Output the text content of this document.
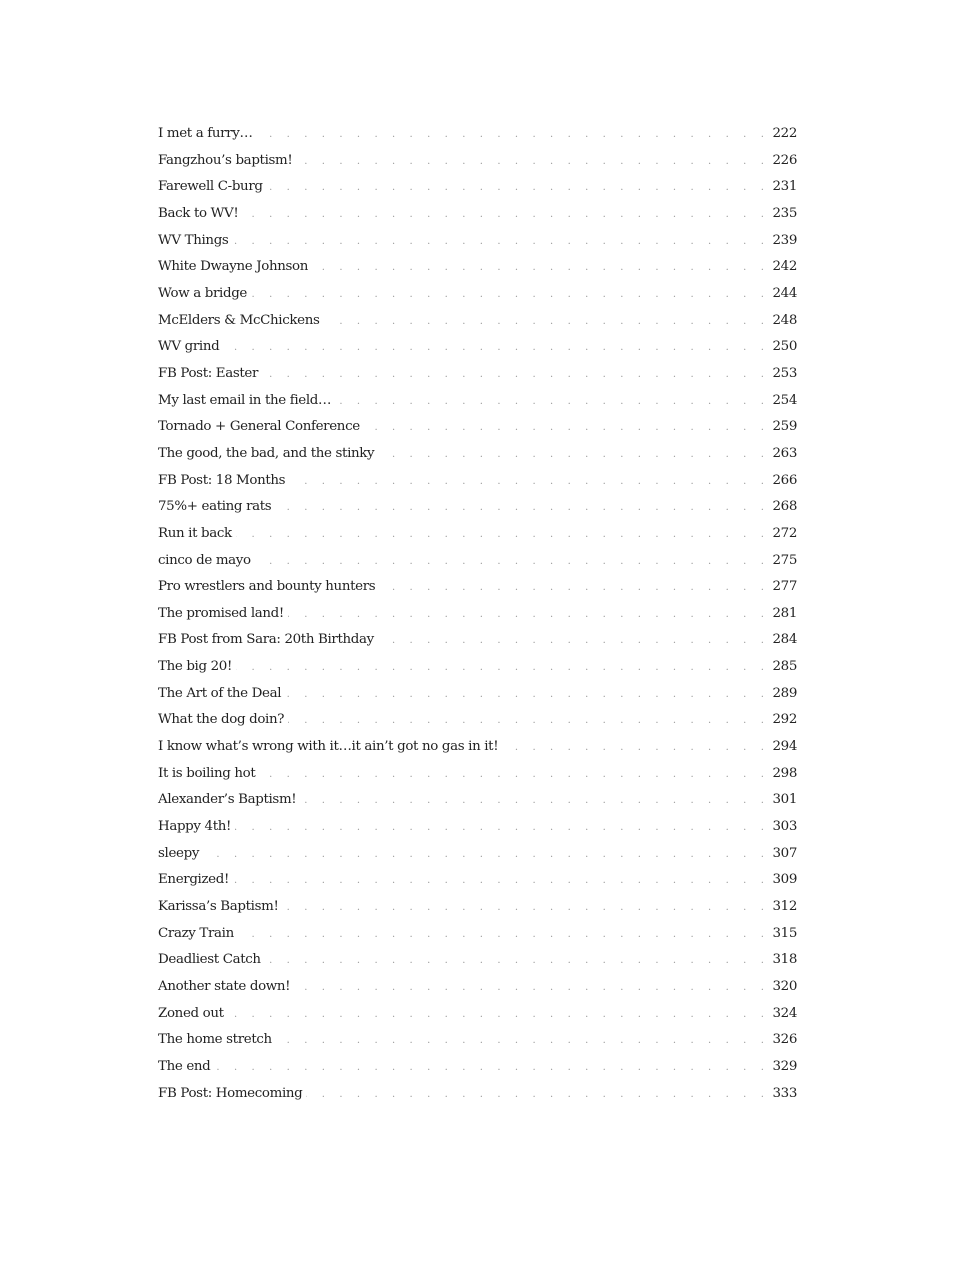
I met a furry… . . .	222
Fangzhou’s baptism! . . .	226
Farewell C-burg . . .	231
Back to WV! . . .	235
WV Things . . .	239
White Dwayne Johnson . . .	242
Wow a bridge . . .	244
McElders & McChickens . . .	248
WV grind . . .	250
FB Post: Easter . . .	253
My last email in the field… . . .	254
Tornado + General Conference . . .	259
The good, the bad, and the stinky . . .	263
FB Post: 18 Months . . .	266
75%+ eating rats . . .	268
Run it back . . .	272
cinco de mayo . . .	275
Pro wrestlers and bounty hunters . . .	277
The promised land! . . .	281
FB Post from Sara: 20th Birthday . . .	284
The big 20! . . .	285
The Art of the Deal . . .	289
What the dog doin? . . .	292
I know what’s wrong with it…it ain’t got no gas in it! . . .	294
It is boiling hot . . .	298
Alexander’s Baptism! . . .	301
Happy 4th! . . .	303
sleepy . . .	307
Energized! . . .	309
Karissa’s Baptism! . . .	312
Crazy Train . . .	315
Deadliest Catch . . .	318
Another state down! . . .	320
Zoned out . . .	324
The home stretch . . .	326
The end . . .	329
FB Post: Homecoming . . .	333
